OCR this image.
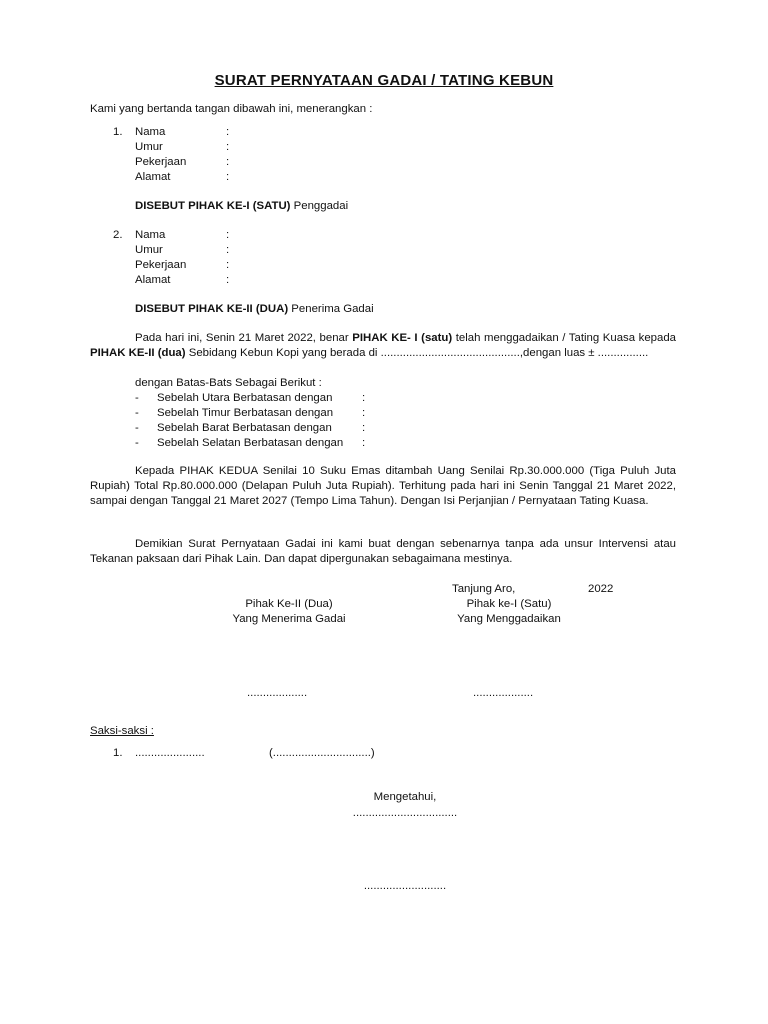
SURAT PERNYATAAN GADAI / TATING KEBUN
Kami yang bertanda tangan dibawah ini, menerangkan :
1. Nama	:
Umur	:
Pekerjaan	:
Alamat	:
DISEBUT PIHAK KE-I (SATU) Penggadai
2. Nama	:
Umur	:
Pekerjaan	:
Alamat	:
DISEBUT PIHAK KE-II (DUA) Penerima Gadai

Pada hari ini, Senin 21 Maret 2022, benar PIHAK KE- I (satu) telah menggadaikan / Tating Kuasa kepada PIHAK KE-II (dua) Sebidang Kebun Kopi yang berada di ............................................,dengan luas ± ................

dengan Batas-Bats Sebagai Berikut :
- Sebelah Utara Berbatasan dengan	:
- Sebelah Timur Berbatasan dengan	:
- Sebelah Barat Berbatasan dengan	:
- Sebelah Selatan Berbatasan dengan :

Kepada PIHAK KEDUA Senilai 10 Suku Emas ditambah Uang Senilai Rp.30.000.000 (Tiga Puluh Juta Rupiah) Total Rp.80.000.000 (Delapan Puluh Juta Rupiah). Terhitung pada hari ini Senin Tanggal 21 Maret 2022, sampai dengan Tanggal 21 Maret 2027 (Tempo Lima Tahun). Dengan Isi Perjanjian / Pernyataan Tating Kuasa.

Demikian Surat Pernyataan Gadai ini kami buat dengan sebenarnya tanpa ada unsur Intervensi atau Tekanan paksaan dari Pihak Lain. Dan dapat dipergunakan sebagaimana mestinya.

Tanjung Aro,	2022
Pihak Ke-II (Dua)
Yang Menerima Gadai
Pihak ke-I (Satu)
Yang Menggadaikan
...................	...................
Saksi-saksi :
1. ......................	(...............................)
Mengetahui,
.................................
..........................
